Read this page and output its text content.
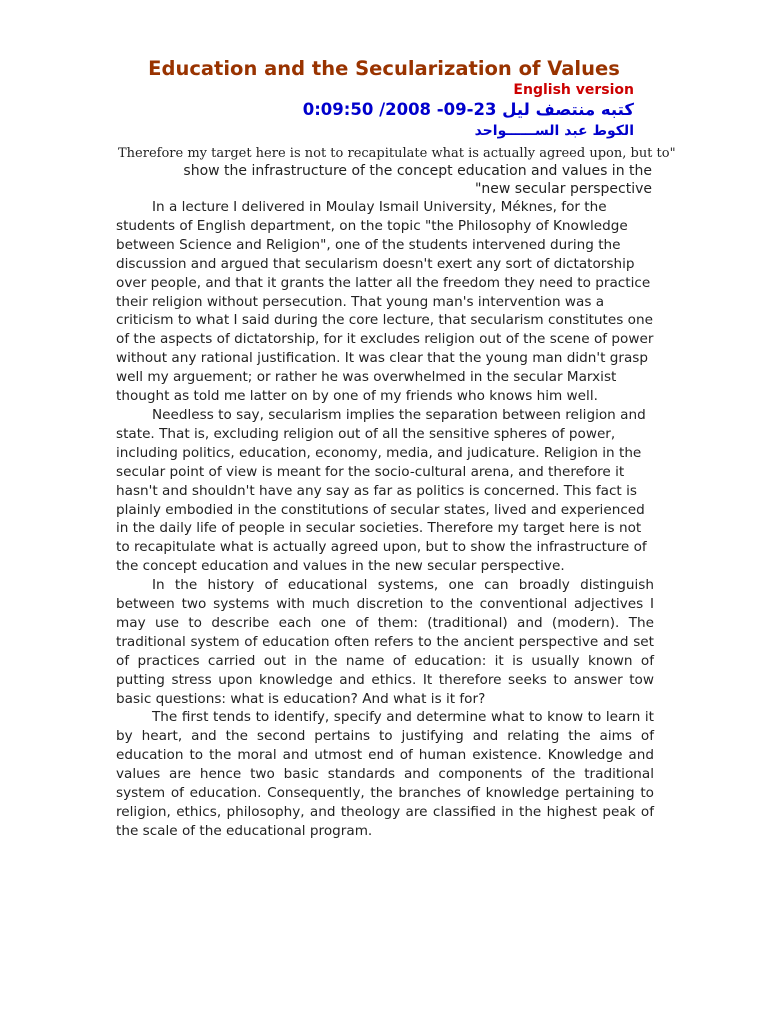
Education and the Secularization of Values
English version
كتبه منتصف ليل 23-09- 2008/ 0:09:50
الكوط عبد الســــــواحد
Therefore my target here is not to recapitulate what is actually agreed upon, but to"
show the infrastructure of the concept education and values in the
"new secular perspective

In a lecture I delivered in Moulay Ismail University, Méknes, for the students of English department, on the topic "the Philosophy of Knowledge between Science and Religion", one of the students intervened during the discussion and argued that secularism doesn't exert any sort of dictatorship over people, and that it grants the latter all the freedom they need to practice their religion without persecution. That young man's intervention was a criticism to what I said during the core lecture, that secularism constitutes one of the aspects of dictatorship, for it excludes religion out of the scene of power without any rational justification. It was clear that the young man didn't grasp well my arguement; or rather he was overwhelmed in the secular Marxist thought as told me latter on by one of my friends who knows him well.

Needless to say, secularism implies the separation between religion and state. That is, excluding religion out of all the sensitive spheres of power, including politics, education, economy, media, and judicature. Religion in the secular point of view is meant for the socio-cultural arena, and therefore it hasn't and shouldn't have any say as far as politics is concerned. This fact is plainly embodied in the constitutions of secular states, lived and experienced in the daily life of people in secular societies. Therefore my target here is not to recapitulate what is actually agreed upon, but to show the infrastructure of the concept education and values in the new secular perspective.

In the history of educational systems, one can broadly distinguish between two systems with much discretion to the conventional adjectives I may use to describe each one of them: (traditional) and (modern). The traditional system of education often refers to the ancient perspective and set of practices carried out in the name of education: it is usually known of putting stress upon knowledge and ethics. It therefore seeks to answer tow basic questions: what is education? And what is it for?

The first tends to identify, specify and determine what to know to learn it by heart, and the second pertains to justifying and relating the aims of education to the moral and utmost end of human existence. Knowledge and values are hence two basic standards and components of the traditional system of education. Consequently, the branches of knowledge pertaining to religion, ethics, philosophy, and theology are classified in the highest peak of the scale of the educational program.
